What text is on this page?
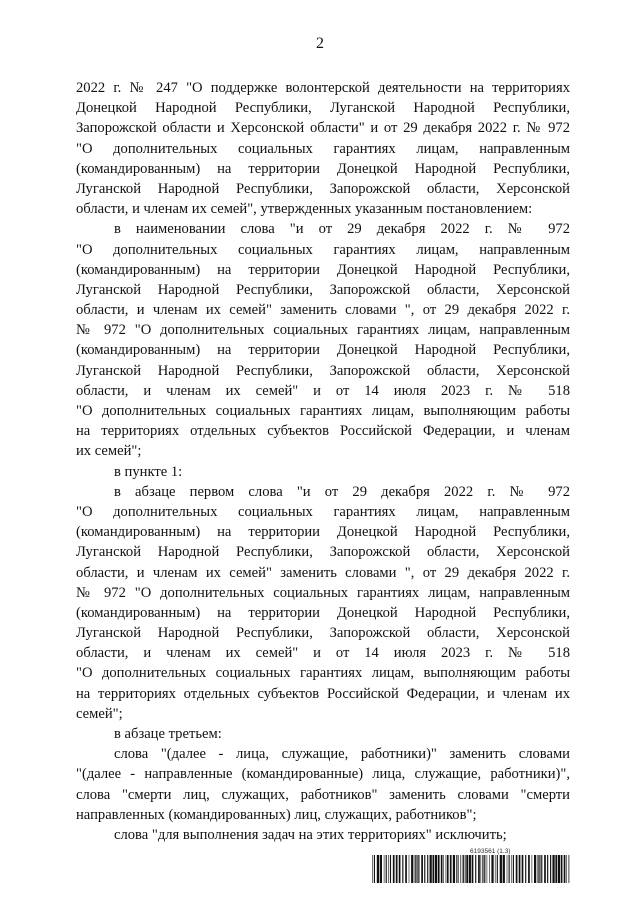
2
2022 г. № 247 "О поддержке волонтерской деятельности на территориях
Донецкой Народной Республики, Луганской Народной Республики,
Запорожской области и Херсонской области" и от 29 декабря 2022 г. № 972
"О дополнительных социальных гарантиях лицам, направленным
(командированным) на территории Донецкой Народной Республики,
Луганской Народной Республики, Запорожской области, Херсонской
области, и членам их семей", утвержденных указанным постановлением:
в наименовании слова "и от 29 декабря 2022 г. № 972
"О дополнительных социальных гарантиях лицам, направленным
(командированным) на территории Донецкой Народной Республики,
Луганской Народной Республики, Запорожской области, Херсонской
области, и членам их семей" заменить словами ", от 29 декабря 2022 г.
№ 972 "О дополнительных социальных гарантиях лицам, направленным
(командированным) на территории Донецкой Народной Республики,
Луганской Народной Республики, Запорожской области, Херсонской
области, и членам их семей" и от 14 июля 2023 г. № 518
"О дополнительных социальных гарантиях лицам, выполняющим работы
на территориях отдельных субъектов Российской Федерации, и членам
их семей";
в пункте 1:
в абзаце первом слова "и от 29 декабря 2022 г. № 972
"О дополнительных социальных гарантиях лицам, направленным
(командированным) на территории Донецкой Народной Республики,
Луганской Народной Республики, Запорожской области, Херсонской
области, и членам их семей" заменить словами ", от 29 декабря 2022 г.
№ 972 "О дополнительных социальных гарантиях лицам, направленным
(командированным) на территории Донецкой Народной Республики,
Луганской Народной Республики, Запорожской области, Херсонской
области, и членам их семей" и от 14 июля 2023 г. № 518
"О дополнительных социальных гарантиях лицам, выполняющим работы
на территориях отдельных субъектов Российской Федерации, и членам их
семей";
в абзаце третьем:
слова "(далее - лица, служащие, работники)" заменить словами
"(далее - направленные (командированные) лица, служащие, работники)",
слова "смерти лиц, служащих, работников" заменить словами "смерти
направленных (командированных) лиц, служащих, работников";
слова "для выполнения задач на этих территориях" исключить;
6193561 (1.3)
